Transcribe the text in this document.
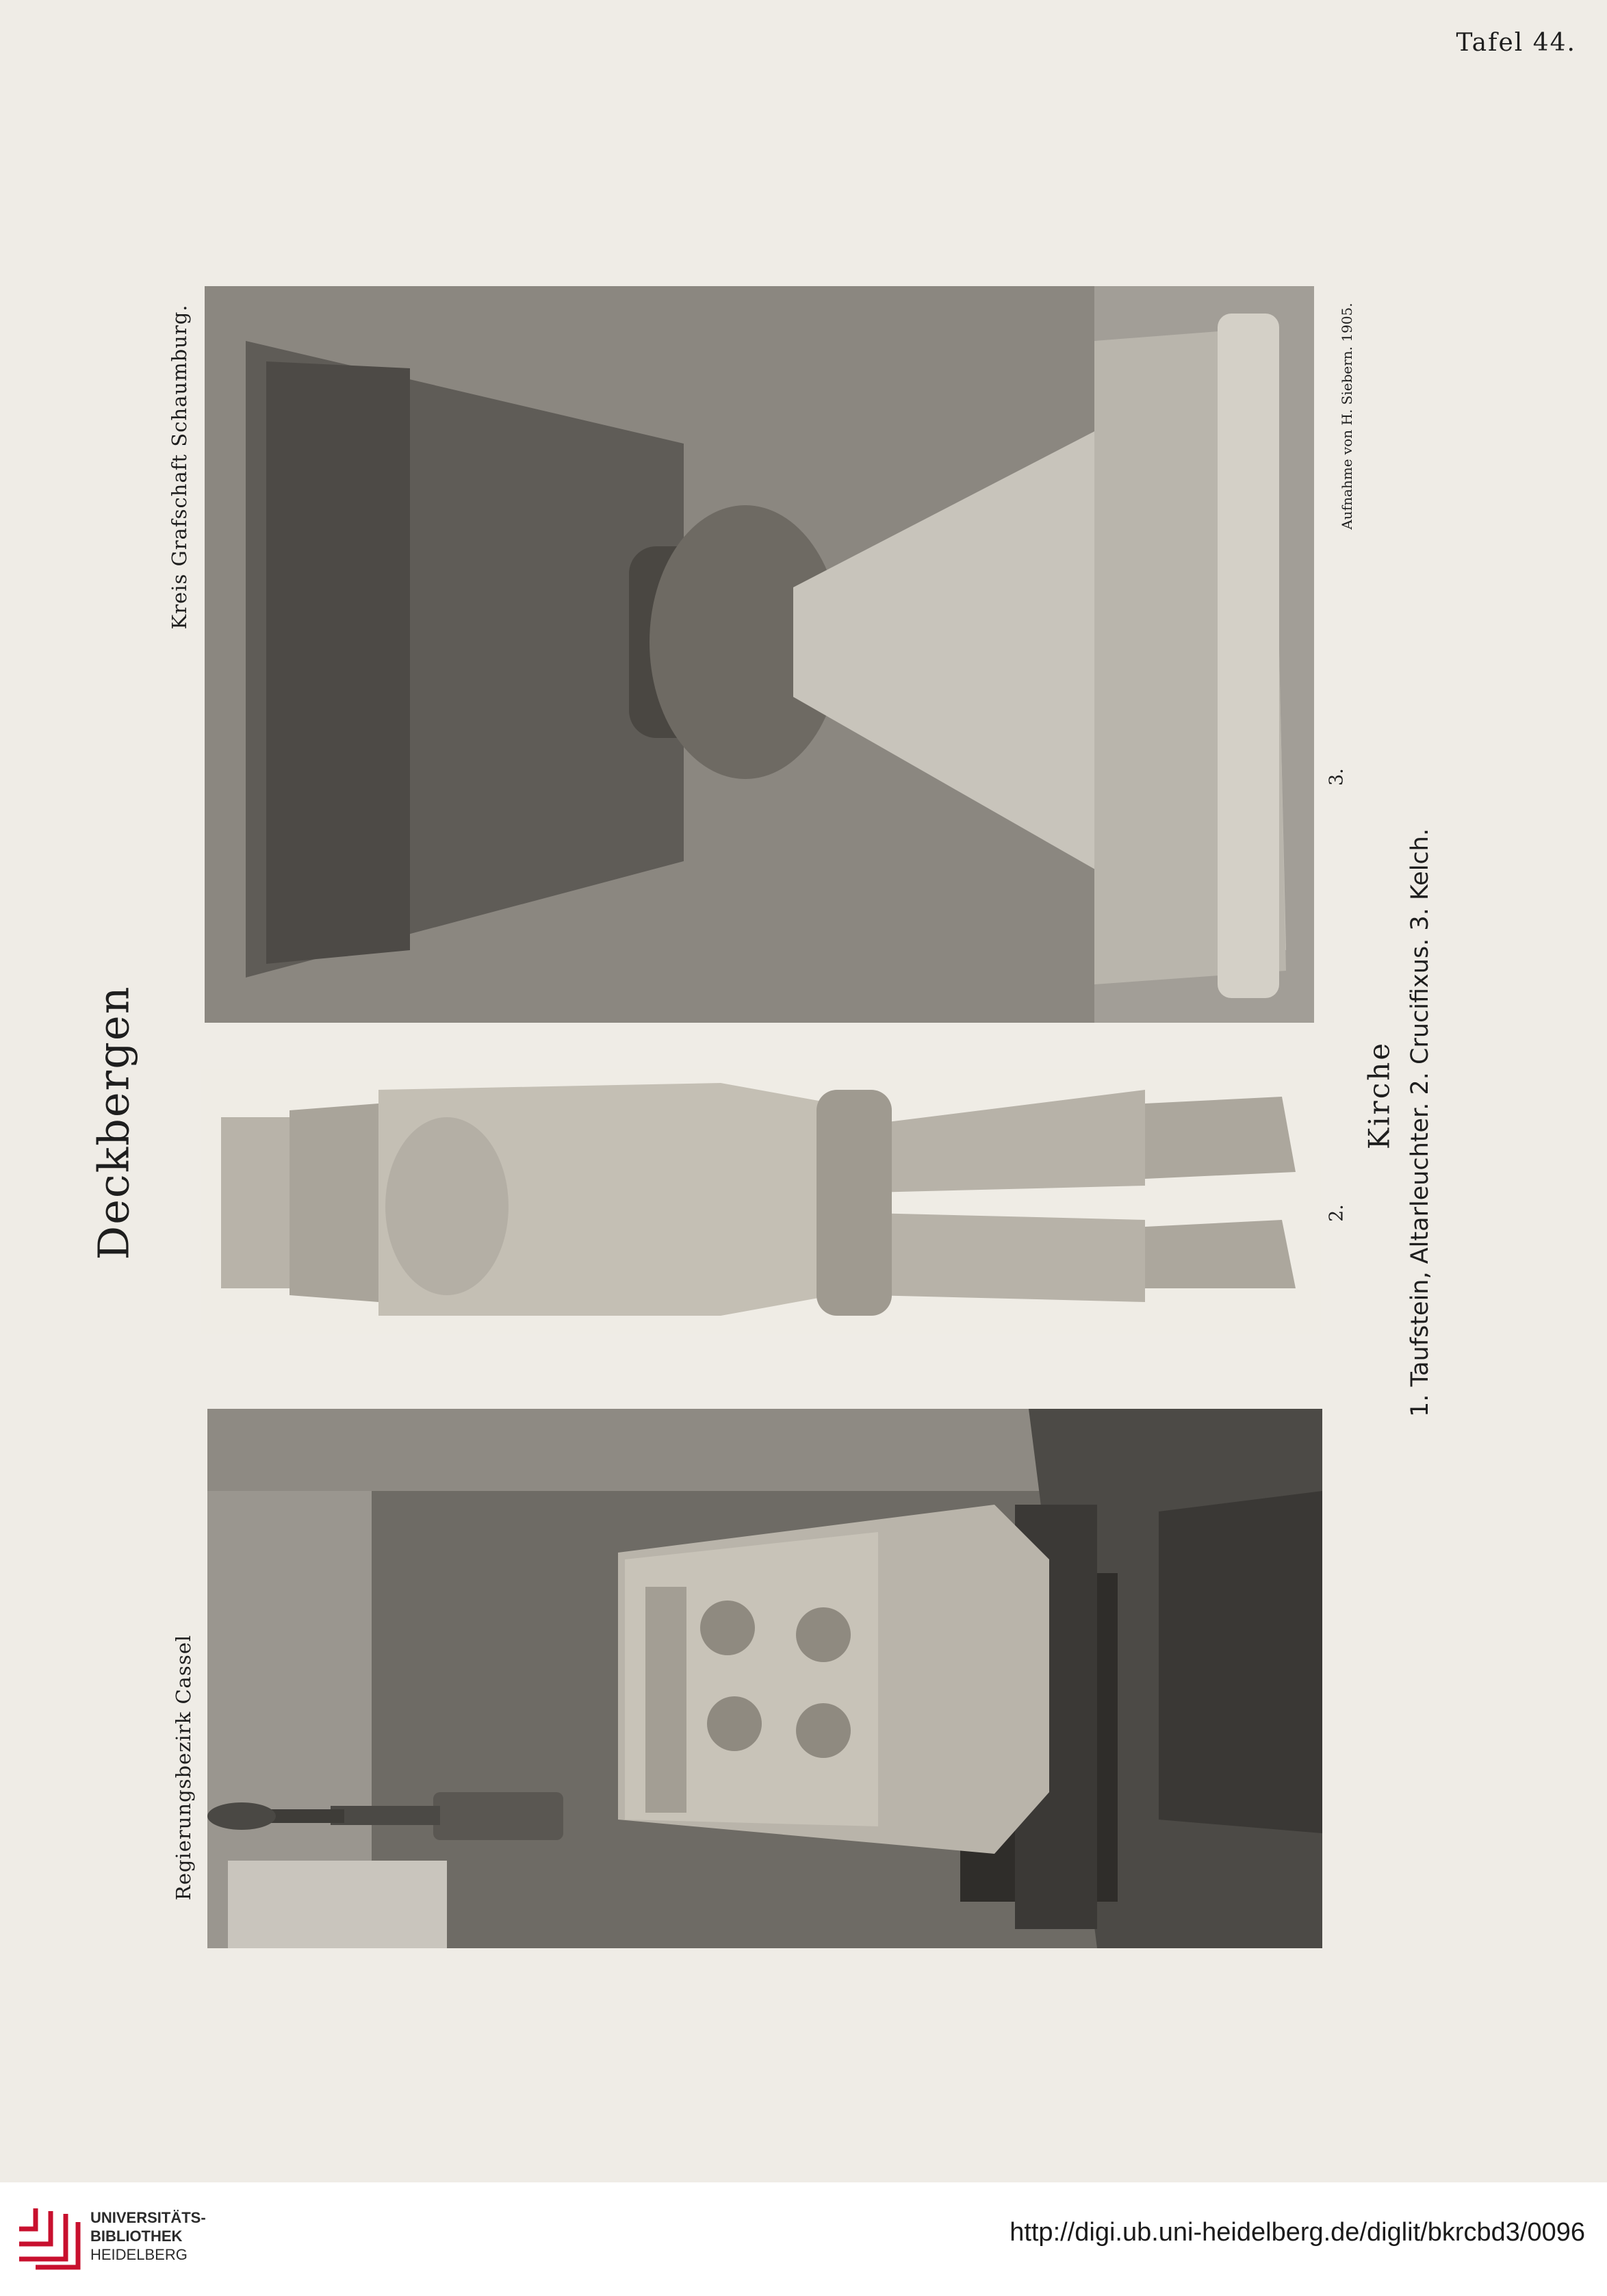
Tafel 44.
Deckbergen
Regierungsbezirk Cassel
Kreis Grafschaft Schaumburg.
2.
3.
Aufnahme von H. Siebern. 1905.
Kirche 1. Taufstein, Altarleuchter. 2. Crucifixus. 3. Kelch.
UNIVERSITÄTS-
BIBLIOTHEK
HEIDELBERG
http://digi.ub.uni-heidelberg.de/diglit/bkrcbd3/0096
